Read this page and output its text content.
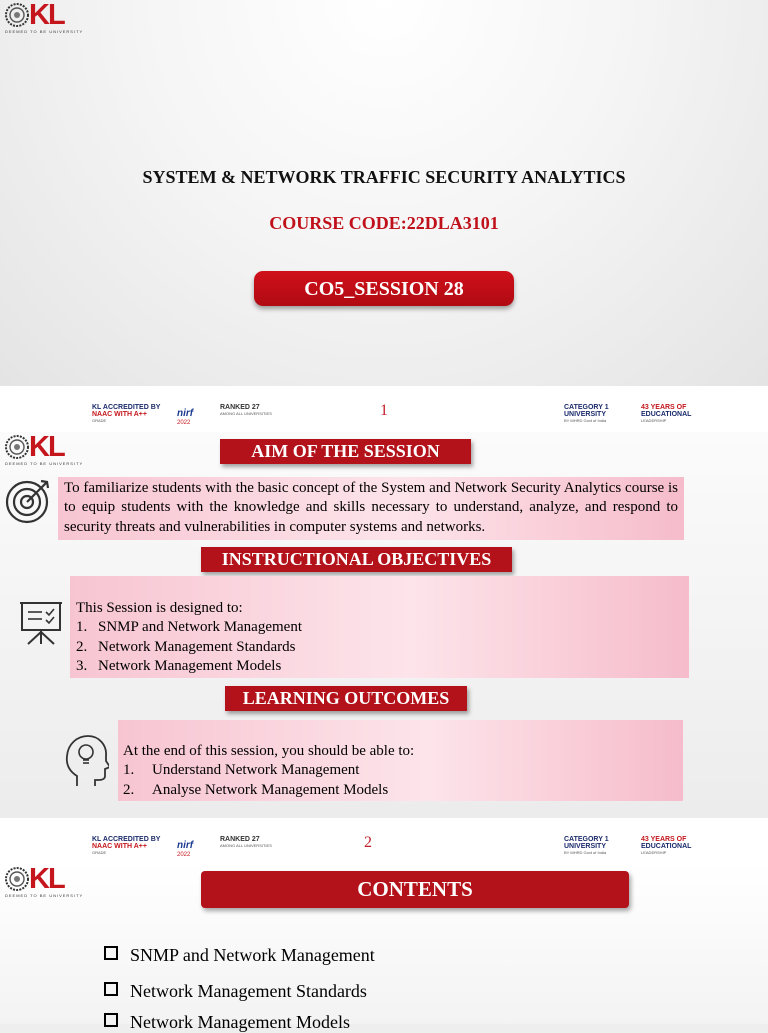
KL
DEEMED TO BE UNIVERSITY
SYSTEM & NETWORK TRAFFIC SECURITY ANALYTICS
COURSE CODE:22DLA3101
CO5_SESSION 28
KL ACCREDITED BY
NAAC WITH A++
GRADE
nirf
2022
RANKED 27
AMONG ALL UNIVERSITIES	1	CATEGORY 1
UNIVERSITY
BY MHRD Govt of India
43 YEARS OF
EDUCATIONAL
LEADERSHIP
KL
DEEMED TO BE UNIVERSITY
AIM OF THE SESSION
To familiarize students with the basic concept of the System and Network Security Analytics course is to equip students with the knowledge and skills necessary to understand, analyze, and respond to security threats and vulnerabilities in computer systems and networks.
INSTRUCTIONAL OBJECTIVES
This Session is designed to:
1. SNMP and Network Management
2. Network Management Standards
3. Network Management Models
LEARNING OUTCOMES
At the end of this session, you should be able to:
1. Understand Network Management
2. Analyse Network Management Models
KL ACCREDITED BY
NAAC WITH A++
GRADE
nirf
2022
RANKED 27
AMONG ALL UNIVERSITIES	2	CATEGORY 1
UNIVERSITY
BY MHRD Govt of India
43 YEARS OF
EDUCATIONAL
LEADERSHIP
KL
DEEMED TO BE UNIVERSITY	CONTENTS
SNMP and Network Management
Network Management Standards
Network Management Models
